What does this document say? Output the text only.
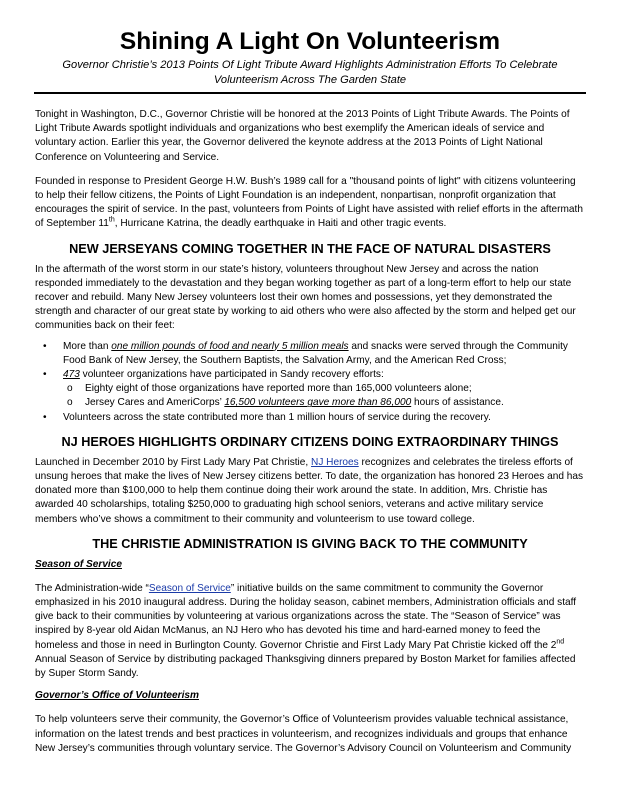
Shining A Light On Volunteerism
Governor Christie’s 2013 Points Of Light Tribute Award Highlights Administration Efforts To Celebrate
Volunteerism Across The Garden State

Tonight in Washington, D.C., Governor Christie will be honored at the 2013 Points of Light Tribute Awards. The Points of Light Tribute Awards spotlight individuals and organizations who best exemplify the American ideals of service and voluntary action. Earlier this year, the Governor delivered the keynote address at the 2013 Points of Light National Conference on Volunteering and Service.

Founded in response to President George H.W. Bush’s 1989 call for a "thousand points of light" with citizens volunteering to help their fellow citizens, the Points of Light Foundation is an independent, nonpartisan, nonprofit organization that encourages the spirit of service. In the past, volunteers from Points of Light have assisted with relief efforts in the aftermath of September 11th, Hurricane Katrina, the deadly earthquake in Haiti and other tragic events.

NEW JERSEYANS COMING TOGETHER IN THE FACE OF NATURAL DISASTERS

In the aftermath of the worst storm in our state’s history, volunteers throughout New Jersey and across the nation responded immediately to the devastation and they began working together as part of a long-term effort to help our state recover and rebuild. Many New Jersey volunteers lost their own homes and possessions, yet they demonstrated the strength and character of our great state by working to aid others who were also affected by the storm and helped get our communities back on their feet:

• More than one million pounds of food and nearly 5 million meals and snacks were served through the Community Food Bank of New Jersey, the Southern Baptists, the Salvation Army, and the American Red Cross;
• 473 volunteer organizations have participated in Sandy recovery efforts:
o Eighty eight of those organizations have reported more than 165,000 volunteers alone;
o Jersey Cares and AmeriCorps’ 16,500 volunteers gave more than 86,000 hours of assistance.
• Volunteers across the state contributed more than 1 million hours of service during the recovery.
NJ HEROES HIGHLIGHTS ORDINARY CITIZENS DOING EXTRAORDINARY THINGS

Launched in December 2010 by First Lady Mary Pat Christie, NJ Heroes recognizes and celebrates the tireless efforts of unsung heroes that make the lives of New Jersey citizens better. To date, the organization has honored 23 Heroes and has donated more than $100,000 to help them continue doing their work around the state. In addition, Mrs. Christie has awarded 40 scholarships, totaling $250,000 to graduating high school seniors, veterans and active military service members who’ve shows a commitment to their community and volunteerism to use toward college.

THE CHRISTIE ADMINISTRATION IS GIVING BACK TO THE COMMUNITY
Season of Service

The Administration-wide “Season of Service” initiative builds on the same commitment to community the Governor emphasized in his 2010 inaugural address. During the holiday season, cabinet members, Administration officials and staff give back to their communities by volunteering at various organizations across the state. The “Season of Service” was inspired by 8-year old Aidan McManus, an NJ Hero who has devoted his time and hard-earned money to feed the homeless and those in need in Burlington County. Governor Christie and First Lady Mary Pat Christie kicked off the 2nd Annual Season of Service by distributing packaged Thanksgiving dinners prepared by Boston Market for families affected by Super Storm Sandy.

Governor’s Office of Volunteerism

To help volunteers serve their community, the Governor’s Office of Volunteerism provides valuable technical assistance, information on the latest trends and best practices in volunteerism, and recognizes individuals and groups that enhance New Jersey’s communities through voluntary service. The Governor’s Advisory Council on Volunteerism and Community
